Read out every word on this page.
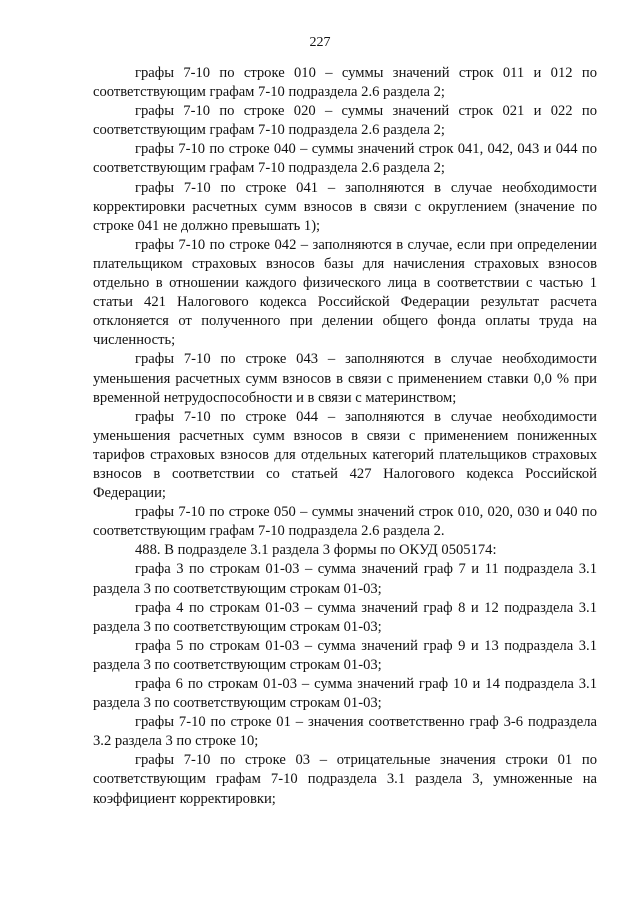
227

графы 7-10 по строке 010 – суммы значений строк 011 и 012 по соответствующим графам 7-10 подраздела 2.6 раздела 2;

графы 7-10 по строке 020 – суммы значений строк 021 и 022 по соответствующим графам 7-10 подраздела 2.6 раздела 2;

графы 7-10 по строке 040 – суммы значений строк 041, 042, 043 и 044 по соответствующим графам 7-10 подраздела 2.6 раздела 2;

графы 7-10 по строке 041 – заполняются в случае необходимости корректировки расчетных сумм взносов в связи с округлением (значение по строке 041 не должно превышать 1);

графы 7-10 по строке 042 – заполняются в случае, если при определении плательщиком страховых взносов базы для начисления страховых взносов отдельно в отношении каждого физического лица в соответствии с частью 1 статьи 421 Налогового кодекса Российской Федерации результат расчета отклоняется от полученного при делении общего фонда оплаты труда на численность;

графы 7-10 по строке 043 – заполняются в случае необходимости уменьшения расчетных сумм взносов в связи с применением ставки 0,0 % при временной нетрудоспособности и в связи с материнством;

графы 7-10 по строке 044 – заполняются в случае необходимости уменьшения расчетных сумм взносов в связи с применением пониженных тарифов страховых взносов для отдельных категорий плательщиков страховых взносов в соответствии со статьей 427 Налогового кодекса Российской Федерации;

графы 7-10 по строке 050 – суммы значений строк 010, 020, 030 и 040 по соответствующим графам 7-10 подраздела 2.6 раздела 2.

488. В подразделе 3.1 раздела 3 формы по ОКУД 0505174:

графа 3 по строкам 01-03 – сумма значений граф 7 и 11 подраздела 3.1 раздела 3 по соответствующим строкам 01-03;

графа 4 по строкам 01-03 – сумма значений граф 8 и 12 подраздела 3.1 раздела 3 по соответствующим строкам 01-03;

графа 5 по строкам 01-03 – сумма значений граф 9 и 13 подраздела 3.1 раздела 3 по соответствующим строкам 01-03;

графа 6 по строкам 01-03 – сумма значений граф 10 и 14 подраздела 3.1 раздела 3 по соответствующим строкам 01-03;

графы 7-10 по строке 01 – значения соответственно граф 3-6 подраздела 3.2 раздела 3 по строке 10;

графы 7-10 по строке 03 – отрицательные значения строки 01 по соответствующим графам 7-10 подраздела 3.1 раздела 3, умноженные на коэффициент корректировки;
